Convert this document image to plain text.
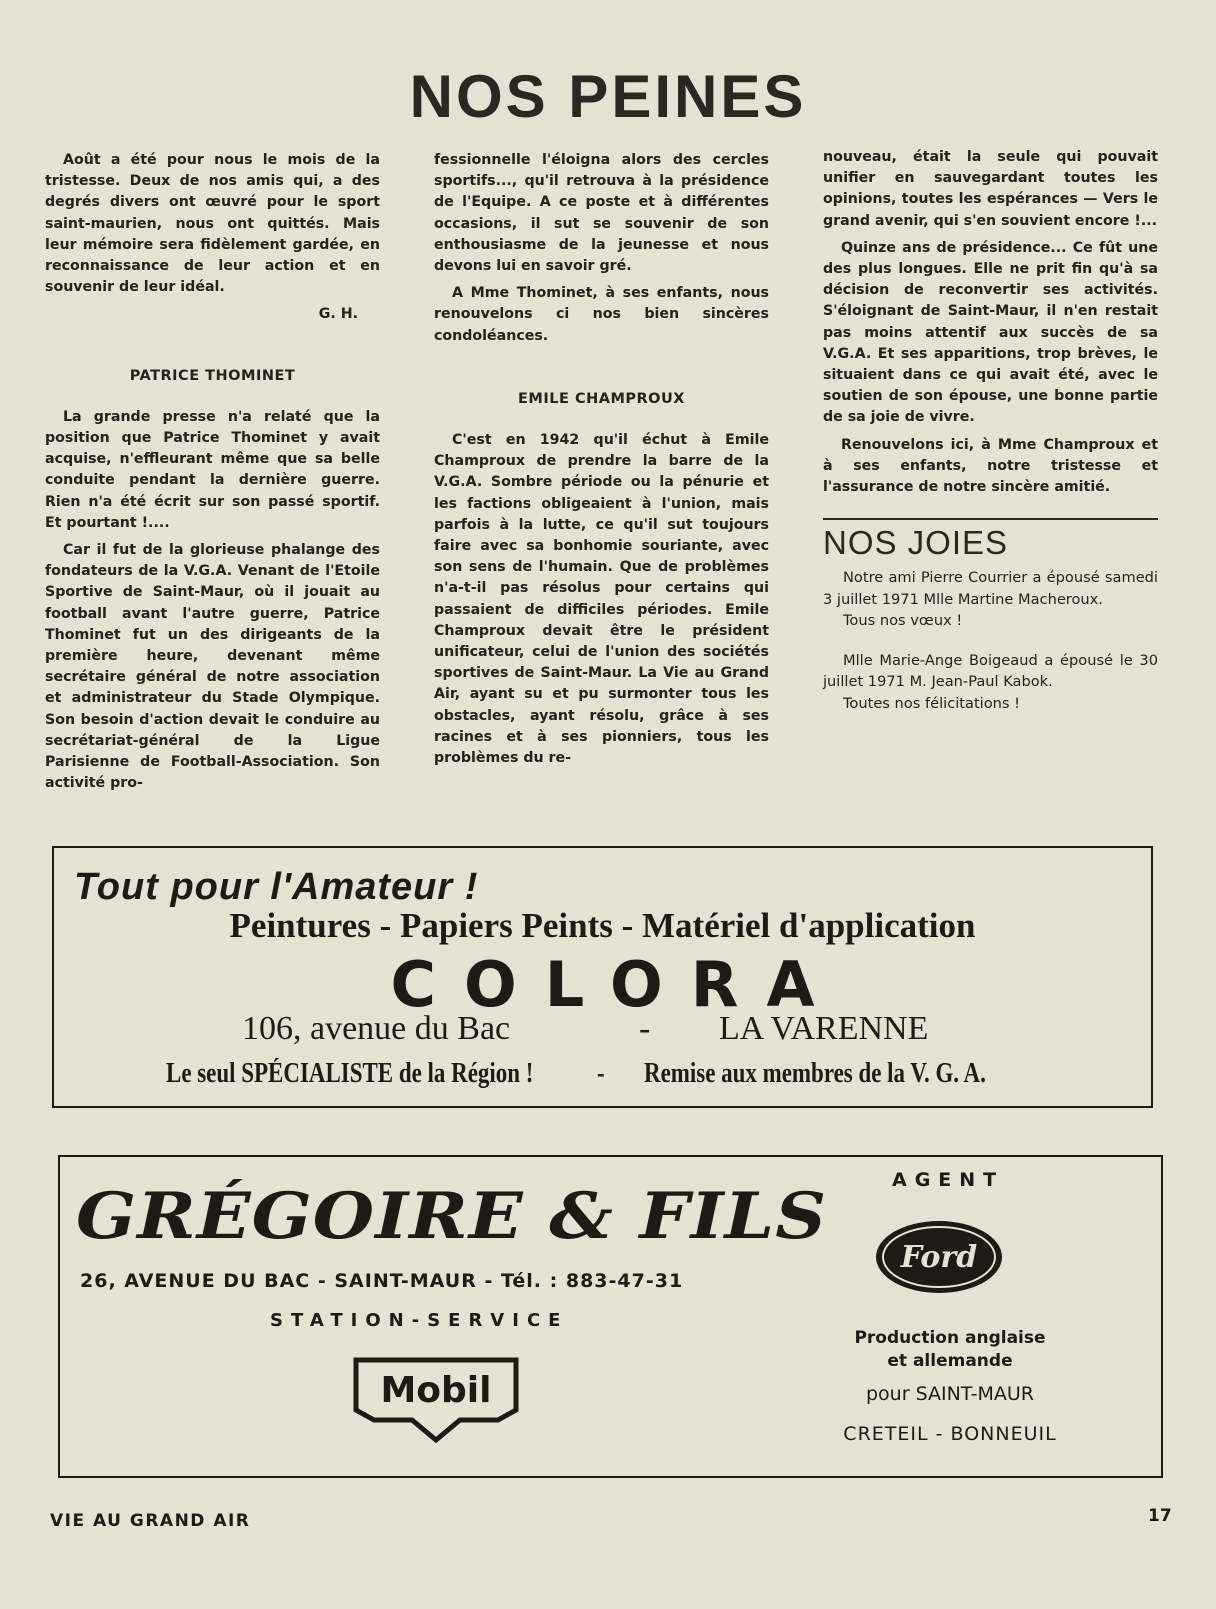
NOS PEINES

Août a été pour nous le mois de la tristesse. Deux de nos amis qui, a des degrés divers ont œuvré pour le sport saint-maurien, nous ont quittés. Mais leur mémoire sera fidèlement gardée, en reconnaissance de leur action et en souvenir de leur idéal.

G. H.
PATRICE THOMINET

La grande presse n'a relaté que la position que Patrice Thominet y avait acquise, n'effleurant même que sa belle conduite pendant la dernière guerre. Rien n'a été écrit sur son passé sportif. Et pourtant !....

Car il fut de la glorieuse phalange des fondateurs de la V.G.A. Venant de l'Etoile Sportive de Saint-Maur, où il jouait au football avant l'autre guerre, Patrice Thominet fut un des dirigeants de la première heure, devenant même secrétaire général de notre association et administrateur du Stade Olympique. Son besoin d'action devait le conduire au secrétariat-général de la Ligue Parisienne de Football-Association. Son activité pro-

fessionnelle l'éloigna alors des cercles sportifs..., qu'il retrouva à la présidence de l'Equipe. A ce poste et à différentes occasions, il sut se souvenir de son enthousiasme de la jeunesse et nous devons lui en savoir gré.

A Mme Thominet, à ses enfants, nous renouvelons ci nos bien sincères condoléances.

EMILE CHAMPROUX

C'est en 1942 qu'il échut à Emile Champroux de prendre la barre de la V.G.A. Sombre période ou la pénurie et les factions obligeaient à l'union, mais parfois à la lutte, ce qu'il sut toujours faire avec sa bonhomie souriante, avec son sens de l'humain. Que de problèmes n'a-t-il pas résolus pour certains qui passaient de difficiles périodes. Emile Champroux devait être le président unificateur, celui de l'union des sociétés sportives de Saint-Maur. La Vie au Grand Air, ayant su et pu surmonter tous les obstacles, ayant résolu, grâce à ses racines et à ses pionniers, tous les problèmes du re-

nouveau, était la seule qui pouvait unifier en sauvegardant toutes les opinions, toutes les espérances — Vers le grand avenir, qui s'en souvient encore !...

Quinze ans de présidence... Ce fût une des plus longues. Elle ne prit fin qu'à sa décision de reconvertir ses activités. S'éloignant de Saint-Maur, il n'en restait pas moins attentif aux succès de sa V.G.A. Et ses apparitions, trop brèves, le situaient dans ce qui avait été, avec le soutien de son épouse, une bonne partie de sa joie de vivre.

Renouvelons ici, à Mme Champroux et à ses enfants, notre tristesse et l'assurance de notre sincère amitié.

NOS JOIES
Notre ami Pierre Courrier a épousé samedi 3 juillet 1971 Mlle Martine Macheroux.
Tous nos vœux !
Mlle Marie-Ange Boigeaud a épousé le 30 juillet 1971 M. Jean-Paul Kabok.
Toutes nos félicitations !
Tout pour l'Amateur !
Peintures - Papiers Peints - Matériel d'application
COLORA
106, avenue du Bac	- LA VARENNE
Le seul SPÉCIALISTE de la Région ! - Remise aux membres de la V. G. A.
GRÉGOIRE & FILS
26, AVENUE DU BAC - SAINT-MAUR - Tél. : 883-47-31
STATION-SERVICE
Mobil
AGENT
Ford
Production anglaise
et allemande
pour SAINT-MAUR
CRETEIL - BONNEUIL
VIE AU GRAND AIR	17
